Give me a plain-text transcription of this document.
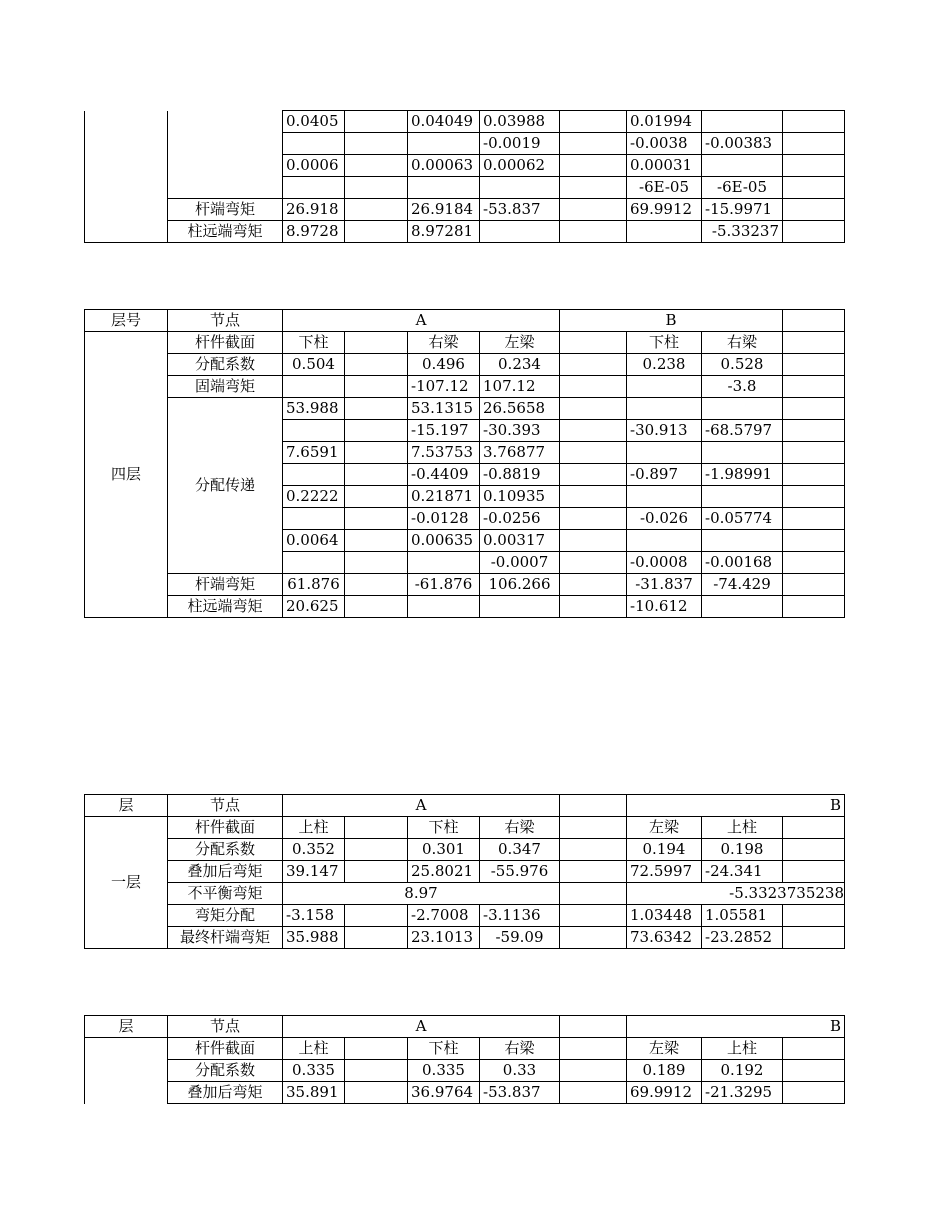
		0.0405		0.04049	0.03988		0.01994		
					-0.0019		-0.0038	-0.00383	
		0.0006		0.00063	0.00062		0.00031		
							-6E-05	-6E-05	
	杆端弯矩	26.918		26.9184	-53.837		69.9912	-15.9971	
	柱远端弯矩	8.9728		8.97281				-5.33237	
层号	节点	A				B			
四层	杆件截面	下柱		右梁	左梁		下柱	右梁	
	分配系数	0.504		0.496	0.234		0.238	0.528	
	固端弯矩			-107.12	107.12			-3.8	
	分配传递	53.988		53.1315	26.5658				
				-15.197	-30.393		-30.913	-68.5797	
		7.6591		7.53753	3.76877				
				-0.4409	-0.8819		-0.897	-1.98991	
		0.2222		0.21871	0.10935				
				-0.0128	-0.0256		-0.026	-0.05774	
		0.0064		0.00635	0.00317				
					-0.0007		-0.0008	-0.00168	
	杆端弯矩	61.876		-61.876	106.266		-31.837	-74.429	
	柱远端弯矩	20.625					-10.612		
层	节点	A					B		
一层	杆件截面	上柱		下柱	右梁		左梁	上柱	
	分配系数	0.352		0.301	0.347		0.194	0.198	
	叠加后弯矩	39.147		25.8021	-55.976		72.5997	-24.341	
	不平衡弯矩	8.97					-5.3323735238		
	弯矩分配	-3.158		-2.7008	-3.1136		1.03448	1.05581	
	最终杆端弯矩	35.988		23.1013	-59.09		73.6342	-23.2852	
层	节点	A					B		
	杆件截面	上柱		下柱	右梁		左梁	上柱	
	分配系数	0.335		0.335	0.33		0.189	0.192	
	叠加后弯矩	35.891		36.9764	-53.837		69.9912	-21.3295	
